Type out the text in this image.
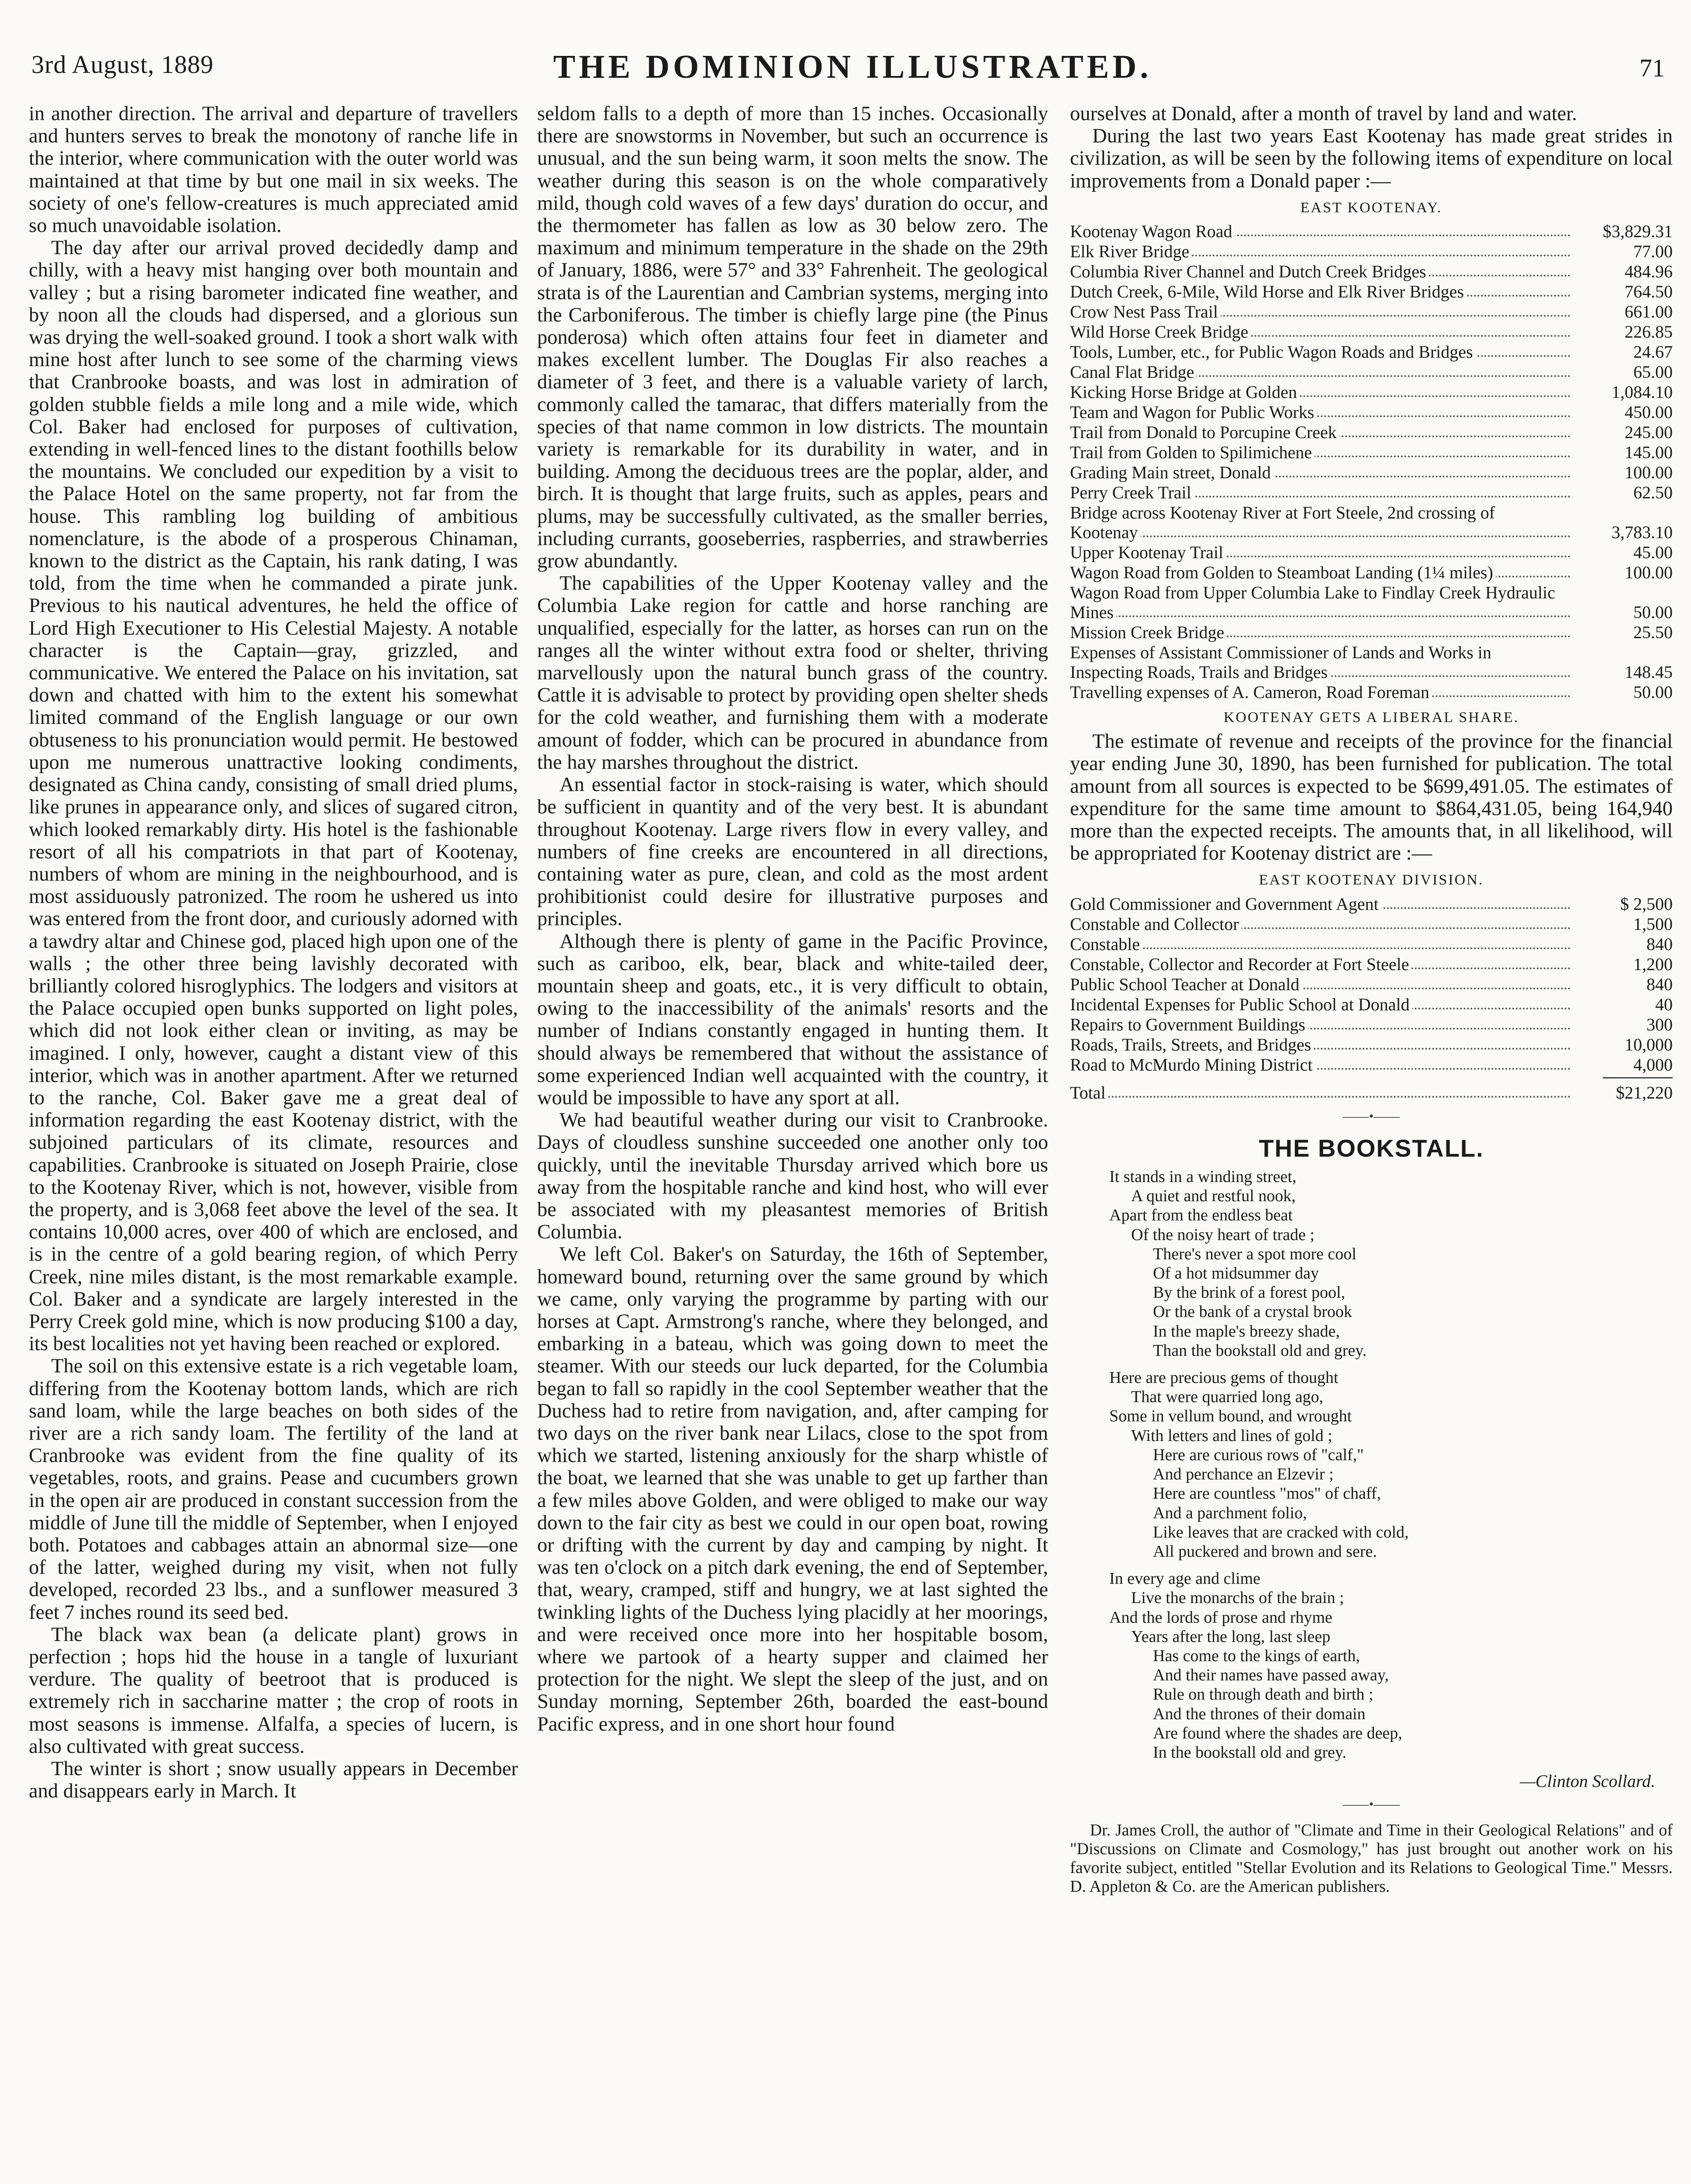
3rd August, 1889	THE DOMINION ILLUSTRATED.	71

in another direction. The arrival and departure of travellers and hunters serves to break the monotony of ranche life in the interior, where communication with the outer world was maintained at that time by but one mail in six weeks. The society of one's fellow-creatures is much appreciated amid so much unavoidable isolation.

The day after our arrival proved decidedly damp and chilly, with a heavy mist hanging over both mountain and valley ; but a rising barometer indicated fine weather, and by noon all the clouds had dispersed, and a glorious sun was drying the well-soaked ground. I took a short walk with mine host after lunch to see some of the charming views that Cranbrooke boasts, and was lost in admiration of golden stubble fields a mile long and a mile wide, which Col. Baker had enclosed for purposes of cultivation, extending in well-fenced lines to the distant foothills below the mountains. We concluded our expedition by a visit to the Palace Hotel on the same property, not far from the house. This rambling log building of ambitious nomenclature, is the abode of a prosperous Chinaman, known to the district as the Captain, his rank dating, I was told, from the time when he commanded a pirate junk. Previous to his nautical adventures, he held the office of Lord High Executioner to His Celestial Majesty. A notable character is the Captain—gray, grizzled, and communicative. We entered the Palace on his invitation, sat down and chatted with him to the extent his somewhat limited command of the English language or our own obtuseness to his pronunciation would permit. He bestowed upon me numerous unattractive looking condiments, designated as China candy, consisting of small dried plums, like prunes in appearance only, and slices of sugared citron, which looked remarkably dirty. His hotel is the fashionable resort of all his compatriots in that part of Kootenay, numbers of whom are mining in the neighbourhood, and is most assiduously patronized. The room he ushered us into was entered from the front door, and curiously adorned with a tawdry altar and Chinese god, placed high upon one of the walls ; the other three being lavishly decorated with brilliantly colored hisroglyphics. The lodgers and visitors at the Palace occupied open bunks supported on light poles, which did not look either clean or inviting, as may be imagined. I only, however, caught a distant view of this interior, which was in another apartment. After we returned to the ranche, Col. Baker gave me a great deal of information regarding the east Kootenay district, with the subjoined particulars of its climate, resources and capabilities. Cranbrooke is situated on Joseph Prairie, close to the Kootenay River, which is not, however, visible from the property, and is 3,068 feet above the level of the sea. It contains 10,000 acres, over 400 of which are enclosed, and is in the centre of a gold bearing region, of which Perry Creek, nine miles distant, is the most remarkable example. Col. Baker and a syndicate are largely interested in the Perry Creek gold mine, which is now producing $100 a day, its best localities not yet having been reached or explored.

The soil on this extensive estate is a rich vegetable loam, differing from the Kootenay bottom lands, which are rich sand loam, while the large beaches on both sides of the river are a rich sandy loam. The fertility of the land at Cranbrooke was evident from the fine quality of its vegetables, roots, and grains. Pease and cucumbers grown in the open air are produced in constant succession from the middle of June till the middle of September, when I enjoyed both. Potatoes and cabbages attain an abnormal size—one of the latter, weighed during my visit, when not fully developed, recorded 23 lbs., and a sunflower measured 3 feet 7 inches round its seed bed.

The black wax bean (a delicate plant) grows in perfection ; hops hid the house in a tangle of luxuriant verdure. The quality of beetroot that is produced is extremely rich in saccharine matter ; the crop of roots in most seasons is immense. Alfalfa, a species of lucern, is also cultivated with great success.

The winter is short ; snow usually appears in December and disappears early in March. It

seldom falls to a depth of more than 15 inches. Occasionally there are snowstorms in November, but such an occurrence is unusual, and the sun being warm, it soon melts the snow. The weather during this season is on the whole comparatively mild, though cold waves of a few days' duration do occur, and the thermometer has fallen as low as 30 below zero. The maximum and minimum temperature in the shade on the 29th of January, 1886, were 57° and 33° Fahrenheit. The geological strata is of the Laurentian and Cambrian systems, merging into the Carboniferous. The timber is chiefly large pine (the Pinus ponderosa) which often attains four feet in diameter and makes excellent lumber. The Douglas Fir also reaches a diameter of 3 feet, and there is a valuable variety of larch, commonly called the tamarac, that differs materially from the species of that name common in low districts. The mountain variety is remarkable for its durability in water, and in building. Among the deciduous trees are the poplar, alder, and birch. It is thought that large fruits, such as apples, pears and plums, may be successfully cultivated, as the smaller berries, including currants, gooseberries, raspberries, and strawberries grow abundantly.

The capabilities of the Upper Kootenay valley and the Columbia Lake region for cattle and horse ranching are unqualified, especially for the latter, as horses can run on the ranges all the winter without extra food or shelter, thriving marvellously upon the natural bunch grass of the country. Cattle it is advisable to protect by providing open shelter sheds for the cold weather, and furnishing them with a moderate amount of fodder, which can be procured in abundance from the hay marshes throughout the district.

An essential factor in stock-raising is water, which should be sufficient in quantity and of the very best. It is abundant throughout Kootenay. Large rivers flow in every valley, and numbers of fine creeks are encountered in all directions, containing water as pure, clean, and cold as the most ardent prohibitionist could desire for illustrative purposes and principles.

Although there is plenty of game in the Pacific Province, such as cariboo, elk, bear, black and white-tailed deer, mountain sheep and goats, etc., it is very difficult to obtain, owing to the inaccessibility of the animals' resorts and the number of Indians constantly engaged in hunting them. It should always be remembered that without the assistance of some experienced Indian well acquainted with the country, it would be impossible to have any sport at all.

We had beautiful weather during our visit to Cranbrooke. Days of cloudless sunshine succeeded one another only too quickly, until the inevitable Thursday arrived which bore us away from the hospitable ranche and kind host, who will ever be associated with my pleasantest memories of British Columbia.

We left Col. Baker's on Saturday, the 16th of September, homeward bound, returning over the same ground by which we came, only varying the programme by parting with our horses at Capt. Armstrong's ranche, where they belonged, and embarking in a bateau, which was going down to meet the steamer. With our steeds our luck departed, for the Columbia began to fall so rapidly in the cool September weather that the Duchess had to retire from navigation, and, after camping for two days on the river bank near Lilacs, close to the spot from which we started, listening anxiously for the sharp whistle of the boat, we learned that she was unable to get up farther than a few miles above Golden, and were obliged to make our way down to the fair city as best we could in our open boat, rowing or drifting with the current by day and camping by night. It was ten o'clock on a pitch dark evening, the end of September, that, weary, cramped, stiff and hungry, we at last sighted the twinkling lights of the Duchess lying placidly at her moorings, and were received once more into her hospitable bosom, where we partook of a hearty supper and claimed her protection for the night. We slept the sleep of the just, and on Sunday morning, September 26th, boarded the east-bound Pacific express, and in one short hour found

ourselves at Donald, after a month of travel by land and water.

During the last two years East Kootenay has made great strides in civilization, as will be seen by the following items of expenditure on local improvements from a Donald paper :—

EAST KOOTENAY.
Kootenay Wagon Road	$3,829.31
Elk River Bridge	77.00
Columbia River Channel and Dutch Creek Bridges	484.96
Dutch Creek, 6-Mile, Wild Horse and Elk River Bridges	764.50
Crow Nest Pass Trail	661.00
Wild Horse Creek Bridge	226.85
Tools, Lumber, etc., for Public Wagon Roads and Bridges	24.67
Canal Flat Bridge	65.00
Kicking Horse Bridge at Golden	1,084.10
Team and Wagon for Public Works	450.00
Trail from Donald to Porcupine Creek	245.00
Trail from Golden to Spilimichene	145.00
Grading Main street, Donald	100.00
Perry Creek Trail	62.50
Bridge across Kootenay River at Fort Steele, 2nd crossing of Kootenay	3,783.10
Upper Kootenay Trail	45.00
Wagon Road from Golden to Steamboat Landing (1¼ miles)	100.00
Wagon Road from Upper Columbia Lake to Findlay Creek Hydraulic Mines	50.00
Mission Creek Bridge	25.50
Expenses of Assistant Commissioner of Lands and Works in Inspecting Roads, Trails and Bridges	148.45
Travelling expenses of A. Cameron, Road Foreman	50.00
KOOTENAY GETS A LIBERAL SHARE.

The estimate of revenue and receipts of the province for the financial year ending June 30, 1890, has been furnished for publication. The total amount from all sources is expected to be $699,491.05. The estimates of expenditure for the same time amount to $864,431.05, being 164,940 more than the expected receipts. The amounts that, in all likelihood, will be appropriated for Kootenay district are :—

EAST KOOTENAY DIVISION.
Gold Commissioner and Government Agent	$ 2,500
Constable and Collector	1,500
Constable	840
Constable, Collector and Recorder at Fort Steele	1,200
Public School Teacher at Donald	840
Incidental Expenses for Public School at Donald	40
Repairs to Government Buildings	300
Roads, Trails, Streets, and Bridges	10,000
Road to McMurdo Mining District	4,000
Total	$21,220
——•——
THE BOOKSTALL.
It stands in a winding street,
A quiet and restful nook,
Apart from the endless beat
Of the noisy heart of trade ;
There's never a spot more cool
Of a hot midsummer day
By the brink of a forest pool,
Or the bank of a crystal brook
In the maple's breezy shade,
Than the bookstall old and grey.
Here are precious gems of thought
That were quarried long ago,
Some in vellum bound, and wrought
With letters and lines of gold ;
Here are curious rows of "calf,"
And perchance an Elzevir ;
Here are countless "mos" of chaff,
And a parchment folio,
Like leaves that are cracked with cold,
All puckered and brown and sere.
In every age and clime
Live the monarchs of the brain ;
And the lords of prose and rhyme
Years after the long, last sleep
Has come to the kings of earth,
And their names have passed away,
Rule on through death and birth ;
And the thrones of their domain
Are found where the shades are deep,
In the bookstall old and grey.
—Clinton Scollard.
——•——
Dr. James Croll, the author of "Climate and Time in their Geological Relations" and of "Discussions on Climate and Cosmology," has just brought out another work on his favorite subject, entitled "Stellar Evolution and its Relations to Geological Time." Messrs. D. Appleton & Co. are the American publishers.
